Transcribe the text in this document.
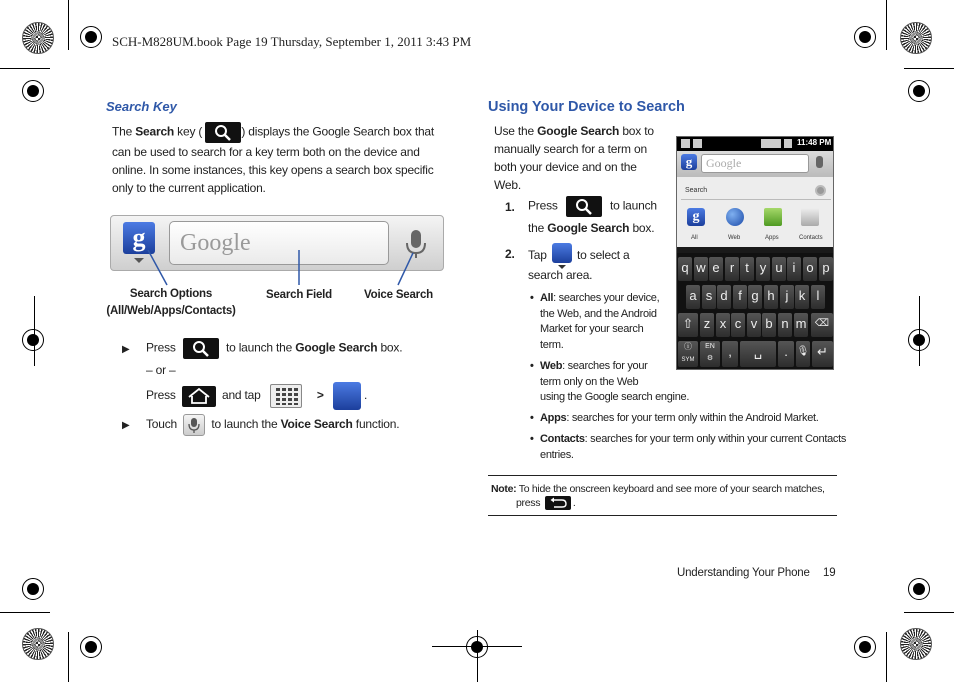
SCH-M828UM.book Page 19 Thursday, September 1, 2011 3:43 PM
Search Key
The Search key (	) displays the Google Search box that
can be used to search for a key term both on the device and
online. In some instances, this key opens a search box specific
only to the current application.
g	Google
Search Options
(All/Web/Apps/Contacts)
Search Field	Voice Search
▶ Press	to launch the Google Search box.
– or –
Press	and tap	>	.
▶ Touch	to launch the Voice Search function.
Using Your Device to Search
Use the Google Search box to
manually search for a term on
both your device and on the
Web.
1. Press	to launch
the Google Search box.
2. Tap	to select a
search area.
• All: searches your device,
the Web, and the Android
Market for your search
term.
• Web: searches for your
term only on the Web
using the Google search engine.
• Apps: searches for your term only within the Android Market.
• Contacts: searches for your term only within your current Contacts
entries.
Note: To hide the onscreen keyboard and see more of your search matches,
press	.
11:48 PM
g	Google
Search
g
All	Web	Apps	Contacts
q w e r t y u i o p
a s d f g h j k l
⇧ z x c v b n m ⌫
ⓘ
SYM
EN
⚙	,	␣	. 🎙 ↵
Understanding Your Phone 19
